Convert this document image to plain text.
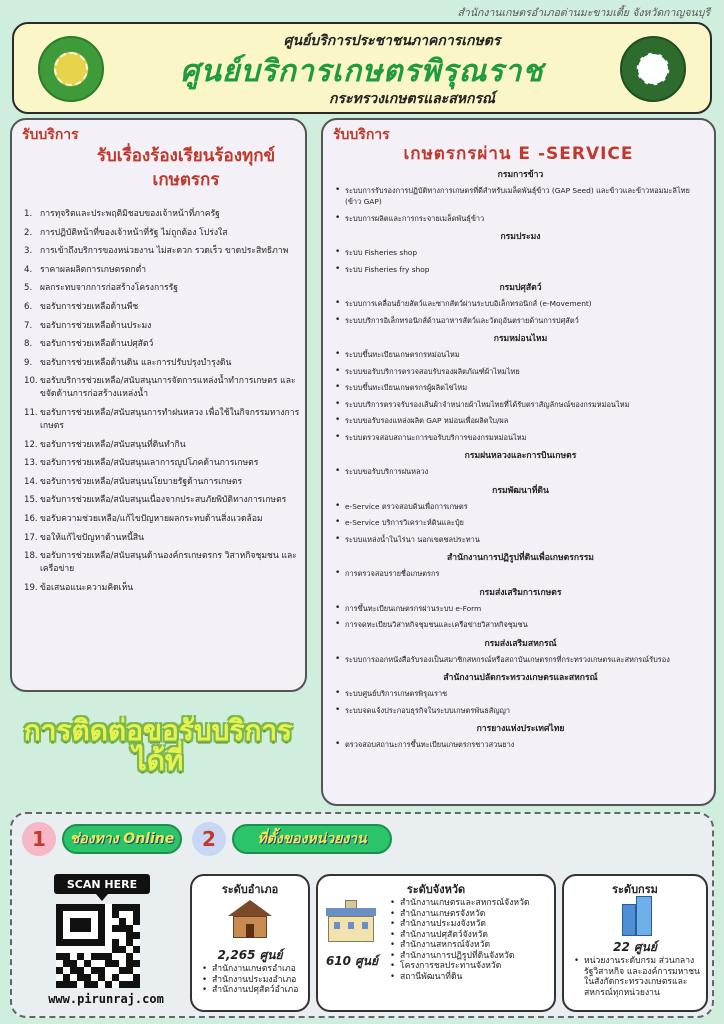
สำนักงานเกษตรอำเภอด่านมะขามเตี้ย จังหวัดกาญจนบุรี
ศูนย์บริการประชาชนภาคการเกษตร
ศูนย์บริการเกษตรพิรุณราช
กระทรวงเกษตรและสหกรณ์
รับบริการ
รับเรื่องร้องเรียนร้องทุกข์
เกษตรกร
1. การทุจริตและประพฤติมิชอบของเจ้าหน้าที่ภาครัฐ
2. การปฏิบัติหน้าที่ของเจ้าหน้าที่รัฐ ไม่ถูกต้อง โปร่งใส
3. การเข้าถึงบริการของหน่วยงาน ไม่สะดวก รวดเร็ว ขาดประสิทธิภาพ
4. ราคาผลผลิตการเกษตรตกต่ำ
5. ผลกระทบจากการก่อสร้างโครงการรัฐ
6. ขอรับการช่วยเหลือด้านพืช
7. ขอรับการช่วยเหลือด้านประมง
8. ขอรับการช่วยเหลือด้านปศุสัตว์
9. ขอรับการช่วยเหลือด้านดิน และการปรับปรุงบำรุงดิน
10. ขอรับบริการช่วยเหลือ/สนับสนุนการจัดการแหล่งน้ำทำการเกษตร และขจัดด้านการก่อสร้างแหล่งน้ำ
11. ขอรับการช่วยเหลือ/สนับสนุนการทำฝนหลวง เพื่อใช้ในกิจกรรมทางการเกษตร
12. ขอรับการช่วยเหลือ/สนับสนุนที่ดินทำกิน
13. ขอรับการช่วยเหลือ/สนับสนุนเลาการญูปโภคด้านการเกษตร
14. ขอรับการช่วยเหลือ/สนับสนุนนโยบายรัฐด้านการเกษตร
15. ขอรับการช่วยเหลือ/สนับสนุนเนื่องจากประสบภัยพิบัติทางการเกษตร
16. ขอรับความช่วยเหลือ/แก้ไขปัญหายผลกระทบด้านสิ่งแวดล้อม
17. ขอให้แก้ไขปัญหาด้านหนี้สิน
18. ขอรับการช่วยเหลือ/สนับสนุนด้านองค์กรเกษตรกร วิสาหกิจชุมชน และเครือข่าย
19. ข้อเสนอแนะความคิดเห็น
รับบริการ
เกษตรกรผ่าน E -SERVICE
กรมการข้าว
• ระบบการรับรองการปฏิบัติทางการเกษตรที่ดีสำหรับเมล็ดพันธุ์ข้าว (GAP Seed) และข้าวและข้าวหอมมะลิไทย (ข้าว GAP)
• ระบบการผลิตและการกระจายเมล็ดพันธุ์ข้าว
กรมประมง
• ระบบ Fisheries shop
• ระบบ Fisheries fry shop
กรมปศุสัตว์
• ระบบการเคลื่อนย้ายสัตว์และซากสัตว์ผ่านระบบอิเล็กทรอนิกส์ (e-Movement)
• ระบบบริการอิเล็กทรอนิกส์ด้านอาหารสัตว์และวัตถุอันตรายด้านการปศุสัตว์
กรมหม่อนไหม
• ระบบขึ้นทะเบียนเกษตรกรหม่อนไหม
• ระบบขอรับบริการตรวจสอบรับรองผลิตภัณฑ์ผ้าไหมไทย
• ระบบขึ้นทะเบียนเกษตรกรผู้ผลิตไข่ไหม
• ระบบบริการตรวจรับรองเส้นผ้าจำหน่ายผ้าไหมไทยที่ได้รับตราสัญลักษณ์ของกรมหม่อนไหม
• ระบบขอรับรองแหล่งผลิต GAP หม่อนเพื่อผลิตใบ/ผล
• ระบบตรวจสอบสถานะการขอรับบริการของกรมหม่อนไหม
กรมฝนหลวงและการบินเกษตร
• ระบบขอรับบริการฝนหลวง
กรมพัฒนาที่ดิน
• e-Service ตรวจสอบดินเพื่อการเกษตร
• e-Service บริการวิเคราะห์ดินและปุ๋ย
• ระบบแหล่งน้ำในไร่นา นอกเขตชลประทาน
สำนักงานการปฏิรูปที่ดินเพื่อเกษตรกรรม
• การตรวจสอบรายชื่อเกษตรกร
กรมส่งเสริมการเกษตร
• การขึ้นทะเบียนเกษตรกรผ่านระบบ e-Form
• การจดทะเบียนวิสาหกิจชุมชนและเครือข่ายวิสาหกิจชุมชน
กรมส่งเสริมสหกรณ์
• ระบบการออกหนังสือรับรองเป็นสมาชิกสหกรณ์หรือสถาบันเกษตรกรที่กระทรวงเกษตรและสหกรณ์รับรอง
สำนักงานปลัดกระทรวงเกษตรและสหกรณ์
• ระบบศูนย์บริการเกษตรพิรุณราช
• ระบบจดแจ้งประกอบธุรกิจในระบบเกษตรพันธสัญญา
การยางแห่งประเทศไทย
• ตรวจสอบสถานะการขึ้นทะเบียนเกษตรกรชาวสวนยาง
การติดต่อขอรับบริการ
ได้ที่
1	ช่องทาง Online	2	ที่ตั้งของหน่วยงาน
SCAN HERE
www.pirunraj.com
ระดับอำเภอ
2,265 ศูนย์
• สำนักงานเกษตรอำเภอ
• สำนักงานประมงอำเภอ
• สำนักงานปศุสัตว์อำเภอ
ระดับจังหวัด
610 ศูนย์
• สำนักงานเกษตรและสหกรณ์จังหวัด
• สำนักงานเกษตรจังหวัด
• สำนักงานประมงจังหวัด
• สำนักงานปศุสัตว์จังหวัด
• สำนักงานสหกรณ์จังหวัด
• สำนักงานการปฏิรูปที่ดินจังหวัด
• โครงการชลประทานจังหวัด
• สถานีพัฒนาที่ดิน
ระดับกรม
22 ศูนย์
• หน่วยงานระดับกรม ส่วนกลาง รัฐวิสาหกิจ และองค์การมหาชนในสังกัดกระทรวงเกษตรและสหกรณ์ทุกหน่วยงาน
